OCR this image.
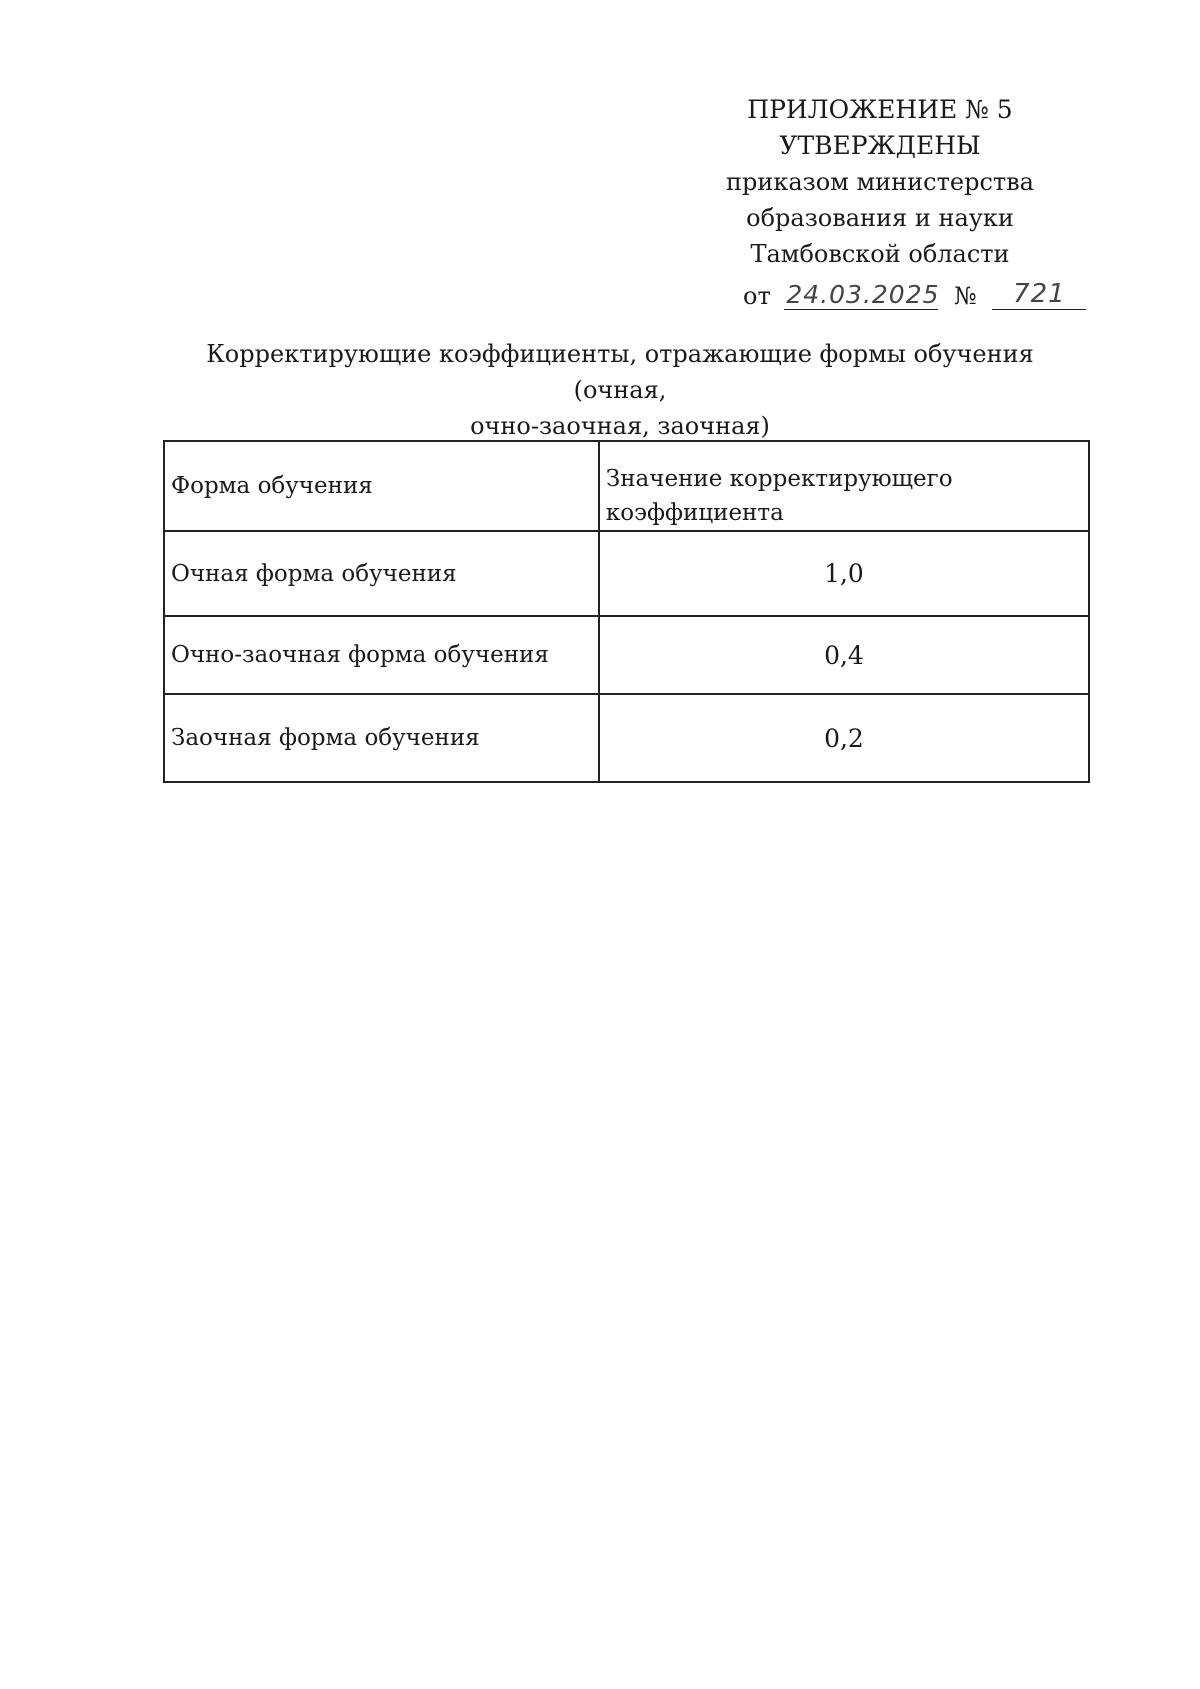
ПРИЛОЖЕНИЕ № 5
УТВЕРЖДЕНЫ
приказом министерства
образования и науки
Тамбовской области
от 24.03.2025 № 721
Корректирующие коэффициенты, отражающие формы обучения (очная,
очно-заочная, заочная)
Форма обучения	Значение корректирующего
коэффициента

Очная форма обучения	1,0
Очно-заочная форма обучения	0,4
Заочная форма обучения	0,2
